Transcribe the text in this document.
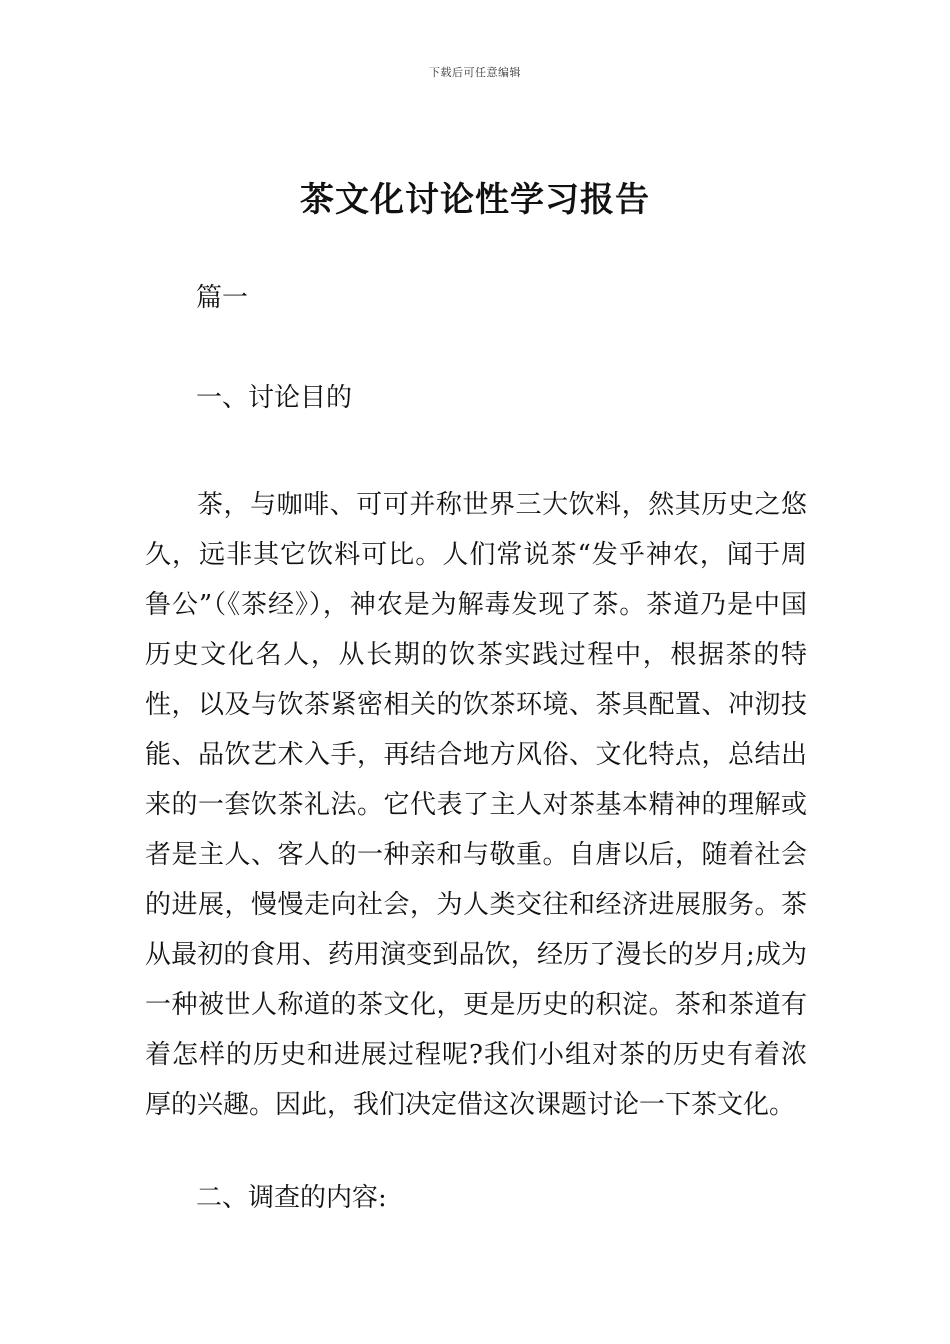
下载后可任意编辑
茶文化讨论性学习报告
篇一
一、讨论目的

茶，与咖啡、可可并称世界三大饮料，然其历史之悠久，远非其它饮料可比。人们常说茶“发乎神农，闻于周鲁公”（《茶经》），神农是为解毒发现了茶。茶道乃是中国历史文化名人，从长期的饮茶实践过程中，根据茶的特性，以及与饮茶紧密相关的饮茶环境、茶具配置、冲沏技能、品饮艺术入手，再结合地方风俗、文化特点，总结出来的一套饮茶礼法。它代表了主人对茶基本精神的理解或者是主人、客人的一种亲和与敬重。自唐以后，随着社会的进展，慢慢走向社会，为人类交往和经济进展服务。茶从最初的食用、药用演变到品饮，经历了漫长的岁月;成为一种被世人称道的茶文化，更是历史的积淀。茶和茶道有着怎样的历史和进展过程呢?我们小组对茶的历史有着浓厚的兴趣。因此，我们决定借这次课题讨论一下茶文化。

二、调查的内容:
